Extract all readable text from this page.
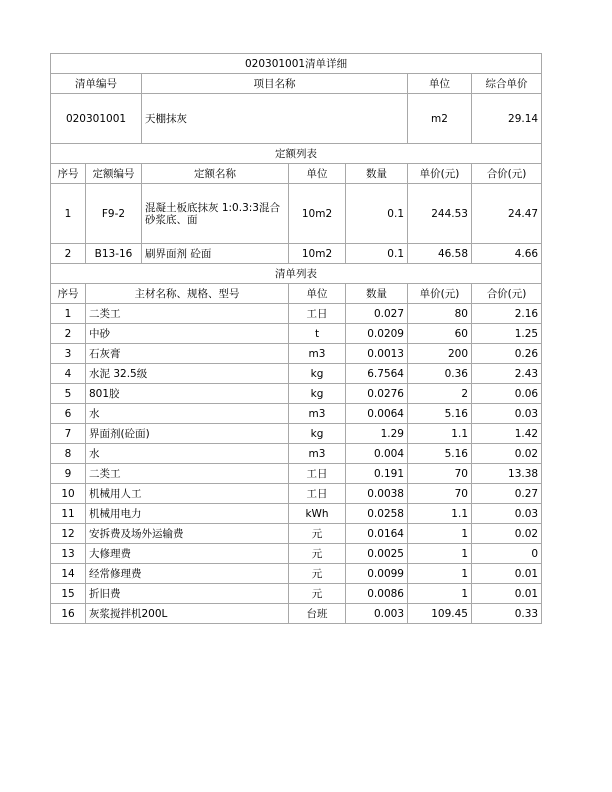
020301001清单详细						
清单编号		项目名称			单位	综合单价
020301001		天棚抹灰			m2	29.14
定额列表						
序号	定额编号	定额名称	单位	数量	单价(元)	合价(元)
1	F9-2	混凝土板底抹灰 1:0.3:3混合砂浆底、面	10m2	0.1	244.53	24.47
2	B13-16	刷界面剂 砼面	10m2	0.1	46.58	4.66
清单列表						
序号	主材名称、规格、型号		单位	数量	单价(元)	合价(元)
1	二类工		工日	0.027	80	2.16
2	中砂		t	0.0209	60	1.25
3	石灰膏		m3	0.0013	200	0.26
4	水泥 32.5级		kg	6.7564	0.36	2.43
5	801胶		kg	0.0276	2	0.06
6	水		m3	0.0064	5.16	0.03
7	界面剂(砼面)		kg	1.29	1.1	1.42
8	水		m3	0.004	5.16	0.02
9	二类工		工日	0.191	70	13.38
10	机械用人工		工日	0.0038	70	0.27
11	机械用电力		kWh	0.0258	1.1	0.03
12	安拆费及场外运输费		元	0.0164	1	0.02
13	大修理费		元	0.0025	1	0
14	经常修理费		元	0.0099	1	0.01
15	折旧费		元	0.0086	1	0.01
16	灰浆搅拌机200L		台班	0.003	109.45	0.33
